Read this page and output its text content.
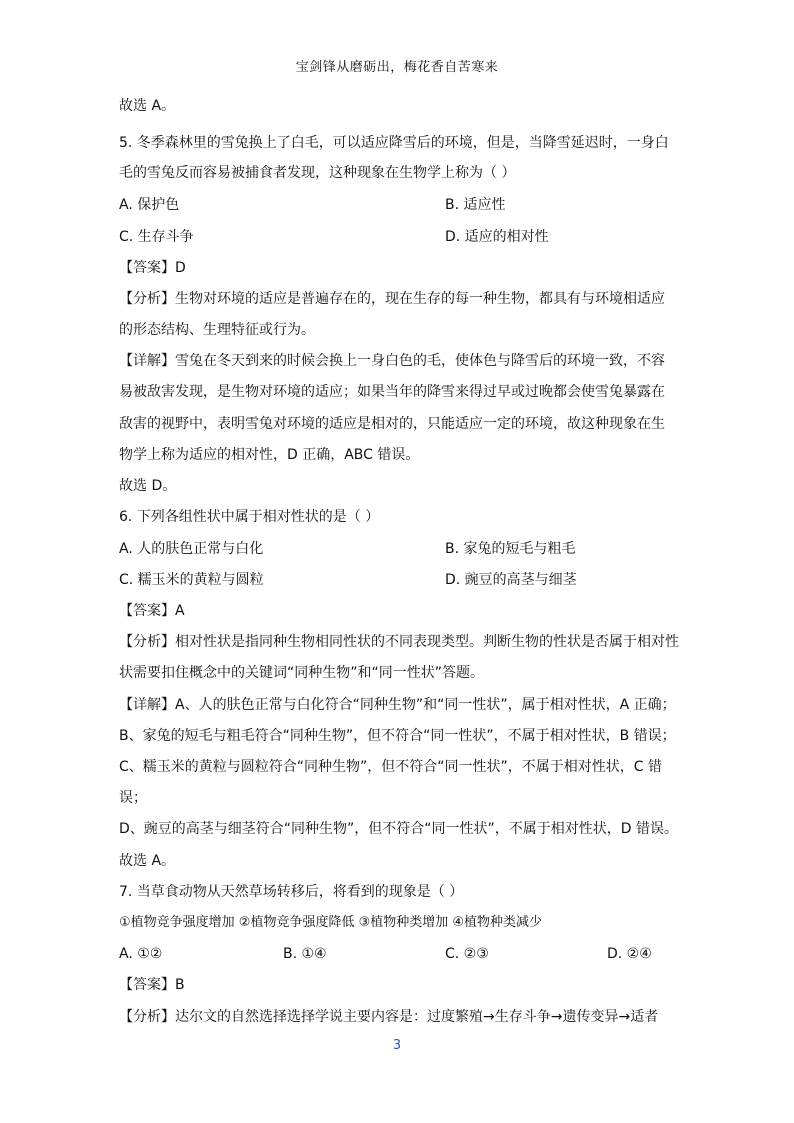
宝剑锋从磨砺出，梅花香自苦寒来
故选 A。
5. 冬季森林里的雪兔换上了白毛，可以适应降雪后的环境，但是，当降雪延迟时，一身白
毛的雪兔反而容易被捕食者发现，这种现象在生物学上称为（ ）
A. 保护色	B. 适应性
C. 生存斗争	D. 适应的相对性
【答案】D
【分析】生物对环境的适应是普遍存在的，现在生存的每一种生物，都具有与环境相适应
的形态结构、生理特征或行为。
【详解】雪兔在冬天到来的时候会换上一身白色的毛，使体色与降雪后的环境一致，不容
易被敌害发现，是生物对环境的适应；如果当年的降雪来得过早或过晚都会使雪兔暴露在
敌害的视野中，表明雪兔对环境的适应是相对的，只能适应一定的环境，故这种现象在生
物学上称为适应的相对性，D 正确，ABC 错误。
故选 D。
6. 下列各组性状中属于相对性状的是（ ）
A. 人的肤色正常与白化	B. 家兔的短毛与粗毛
C. 糯玉米的黄粒与圆粒	D. 豌豆的高茎与细茎
【答案】A
【分析】相对性状是指同种生物相同性状的不同表现类型。判断生物的性状是否属于相对性
状需要扣住概念中的关键词“同种生物”和“同一性状”答题。
【详解】A、人的肤色正常与白化符合“同种生物”和“同一性状”，属于相对性状，A 正确；
B、家兔的短毛与粗毛符合“同种生物”，但不符合“同一性状”，不属于相对性状，B 错误；
C、糯玉米的黄粒与圆粒符合“同种生物”，但不符合“同一性状”，不属于相对性状，C 错
误；
D、豌豆的高茎与细茎符合“同种生物”，但不符合“同一性状”，不属于相对性状，D 错误。
故选 A。
7. 当草食动物从天然草场转移后，将看到的现象是（ ）
①植物竞争强度增加 ②植物竞争强度降低 ③植物种类增加 ④植物种类减少
A. ①②	B. ①④	C. ②③	D. ②④
【答案】B
【分析】达尔文的自然选择选择学说主要内容是：过度繁殖→生存斗争→遗传变异→适者
3
